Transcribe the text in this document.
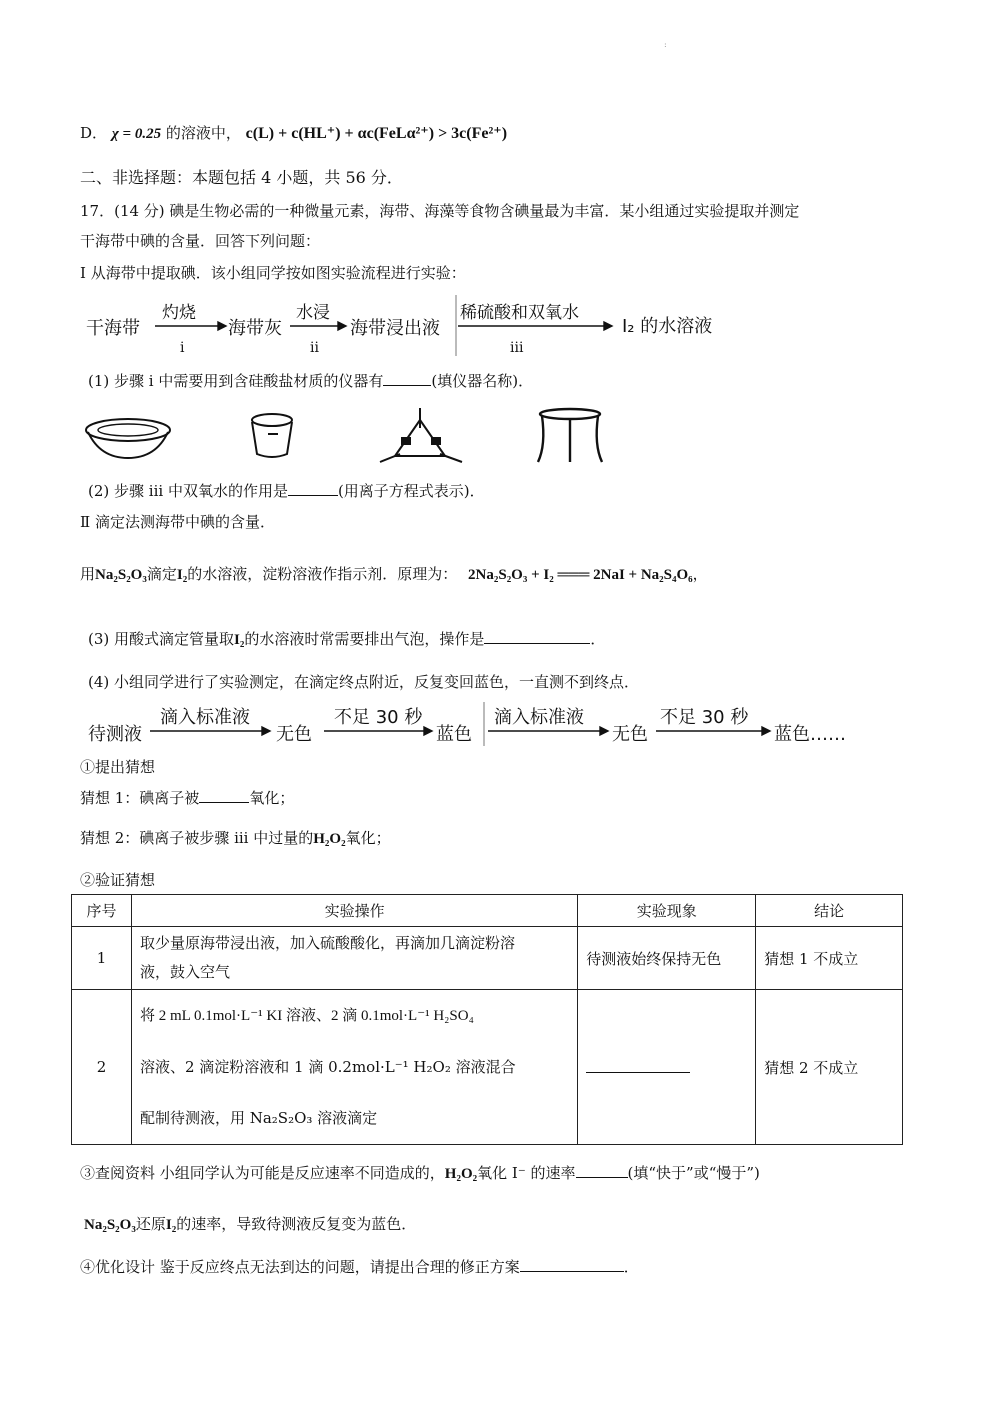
:
D． χ = 0.25 的溶液中， c(L) + c(HL⁺) + αc(FeLα²⁺) > 3c(Fe²⁺)
二、非选择题：本题包括 4 小题，共 56 分．
17．(14 分) 碘是生物必需的一种微量元素，海带、海藻等食物含碘量最为丰富．某小组通过实验提取并测定
干海带中碘的含量．回答下列问题：
Ⅰ 从海带中提取碘．该小组同学按如图实验流程进行实验：
干海带
灼烧
i
海带灰
水浸
ii
海带浸出液
稀硫酸和双氧水
iii
I₂ 的水溶液
(1) 步骤 i 中需要用到含硅酸盐材质的仪器有	(填仪器名称)．
(2) 步骤 iii 中双氧水的作用是	(用离子方程式表示)．
Ⅱ 滴定法测海带中碘的含量．
用Na₂S₂O₃滴定I₂的水溶液，淀粉溶液作指示剂．原理为： 2Na₂S₂O₃ + I₂ ═══ 2NaI + Na₂S₄O₆，
(3) 用酸式滴定管量取I₂的水溶液时常需要排出气泡，操作是	．
(4) 小组同学进行了实验测定，在滴定终点附近，反复变回蓝色，一直测不到终点．
待测液
滴入标准液
无色
不足 30 秒
蓝色
滴入标准液
无色
不足 30 秒
蓝色……
①提出猜想
猜想 1：碘离子被	氧化；
猜想 2：碘离子被步骤 iii 中过量的H₂O₂氧化；
②验证猜想
序号	实验操作	实验现象	结论
1	取少量原海带浸出液，加入硫酸酸化，再滴加几滴淀粉溶
液，鼓入空气	待测液始终保持无色	猜想 1 不成立
2	将 2 mL 0.1mol·L⁻¹ KI 溶液、2 滴 0.1mol·L⁻¹ H₂SO₄
溶液、2 滴淀粉溶液和 1 滴 0.2mol·L⁻¹ H₂O₂ 溶液混合
配制待测液，用 Na₂S₂O₃ 溶液滴定		猜想 2 不成立
③查阅资料 小组同学认为可能是反应速率不同造成的，H₂O₂氧化 I⁻ 的速率	(填“快于”或“慢于”)
Na₂S₂O₃还原I₂的速率，导致待测液反复变为蓝色．
④优化设计 鉴于反应终点无法到达的问题，请提出合理的修正方案	．
